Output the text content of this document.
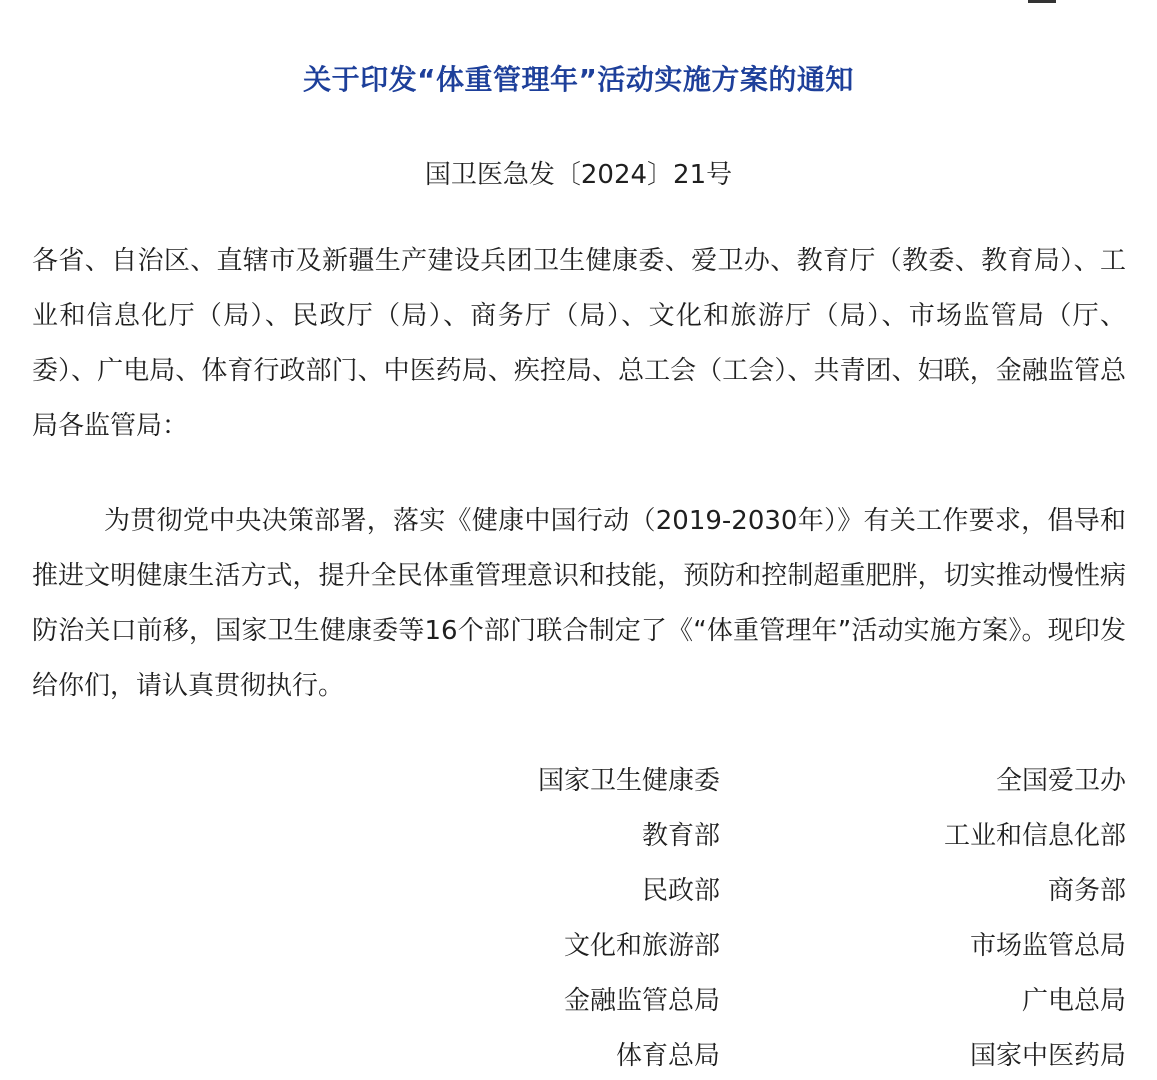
关于印发“体重管理年”活动实施方案的通知
国卫医急发〔2024〕21号

各省、自治区、直辖市及新疆生产建设兵团卫生健康委、爱卫办、教育厅（教委、教育局）、工业和信息化厅（局）、民政厅（局）、商务厅（局）、文化和旅游厅（局）、市场监管局（厅、委）、广电局、体育行政部门、中医药局、疾控局、总工会（工会）、共青团、妇联，金融监管总局各监管局：

为贯彻党中央决策部署，落实《健康中国行动（2019-2030年）》有关工作要求，倡导和推进文明健康生活方式，提升全民体重管理意识和技能，预防和控制超重肥胖，切实推动慢性病防治关口前移，国家卫生健康委等16个部门联合制定了《“体重管理年”活动实施方案》。现印发给你们，请认真贯彻执行。

国家卫生健康委	全国爱卫办
教育部	工业和信息化部
民政部	商务部
文化和旅游部	市场监管总局
金融监管总局	广电总局
体育总局	国家中医药局
